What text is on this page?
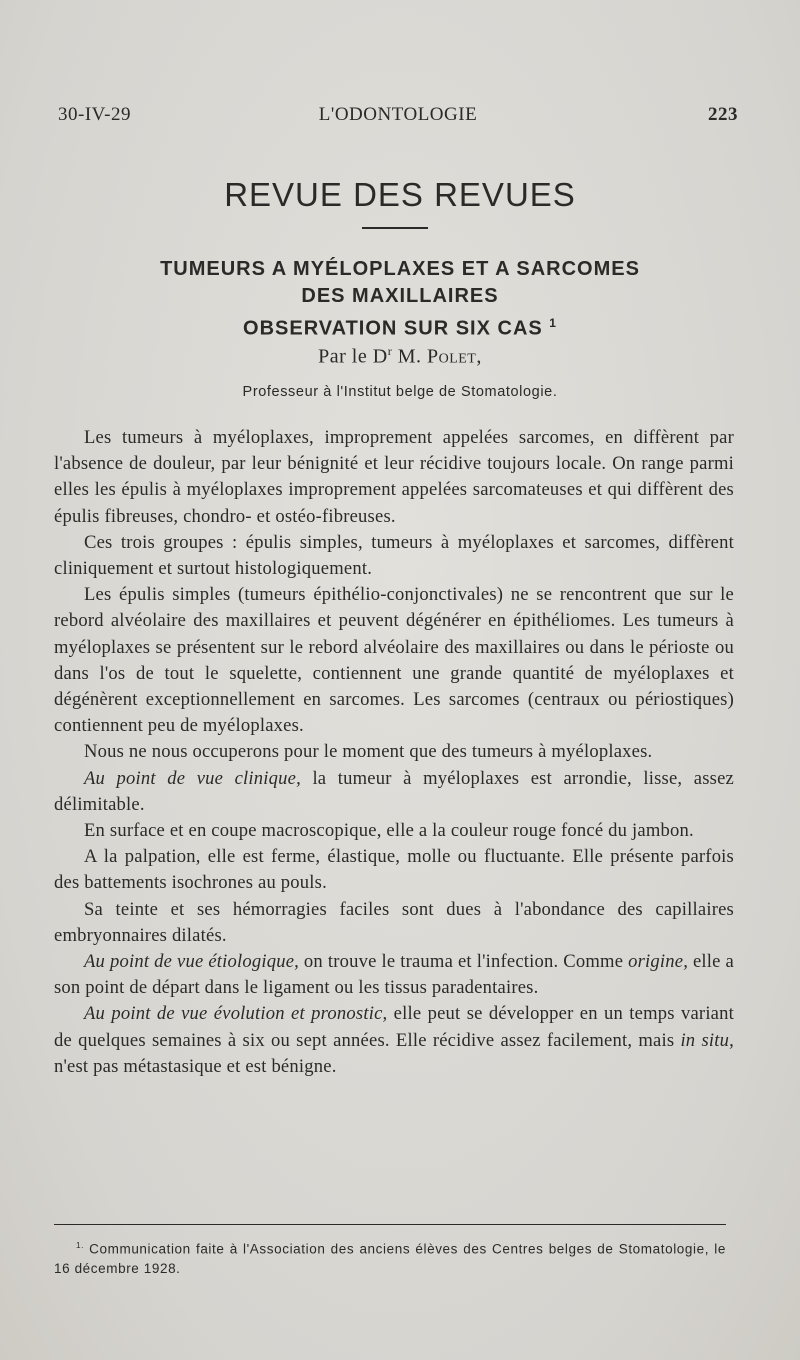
30-IV-29	L'ODONTOLOGIE	223
REVUE DES REVUES
TUMEURS A MYÉLOPLAXES ET A SARCOMES
DES MAXILLAIRES
OBSERVATION SUR SIX CAS $^1$
Par le $D^r$ M. Polet,
Professeur à l'Institut belge de Stomatologie.

Les tumeurs à myéloplaxes, improprement appelées sarcomes, en diffèrent par l'absence de douleur, par leur bénignité et leur récidive toujours locale. On range parmi elles les épulis à myéloplaxes improprement appelées sarcomateuses et qui diffèrent des épulis fibreuses, chondro- et ostéo-fibreuses.

Ces trois groupes : épulis simples, tumeurs à myéloplaxes et sarcomes, diffèrent cliniquement et surtout histologiquement.

Les épulis simples (tumeurs épithélio-conjonctivales) ne se rencontrent que sur le rebord alvéolaire des maxillaires et peuvent dégénérer en épithéliomes. Les tumeurs à myéloplaxes se présentent sur le rebord alvéolaire des maxillaires ou dans le périoste ou dans l'os de tout le squelette, contiennent une grande quantité de myéloplaxes et dégénèrent exceptionnellement en sarcomes. Les sarcomes (centraux ou périostiques) contiennent peu de myéloplaxes.

Nous ne nous occuperons pour le moment que des tumeurs à myéloplaxes.

Au point de vue clinique, la tumeur à myéloplaxes est arrondie, lisse, assez délimitable.

En surface et en coupe macroscopique, elle a la couleur rouge foncé du jambon.

A la palpation, elle est ferme, élastique, molle ou fluctuante. Elle présente parfois des battements isochrones au pouls.

Sa teinte et ses hémorragies faciles sont dues à l'abondance des capillaires embryonnaires dilatés.

Au point de vue étiologique, on trouve le trauma et l'infection. Comme origine, elle a son point de départ dans le ligament ou les tissus paradentaires.

Au point de vue évolution et pronostic, elle peut se développer en un temps variant de quelques semaines à six ou sept années. Elle récidive assez facilement, mais in situ, n'est pas métastasique et est bénigne.

$^{1.}$ Communication faite à l'Association des anciens élèves des Centres belges de Stomatologie, le 16 décembre 1928.
